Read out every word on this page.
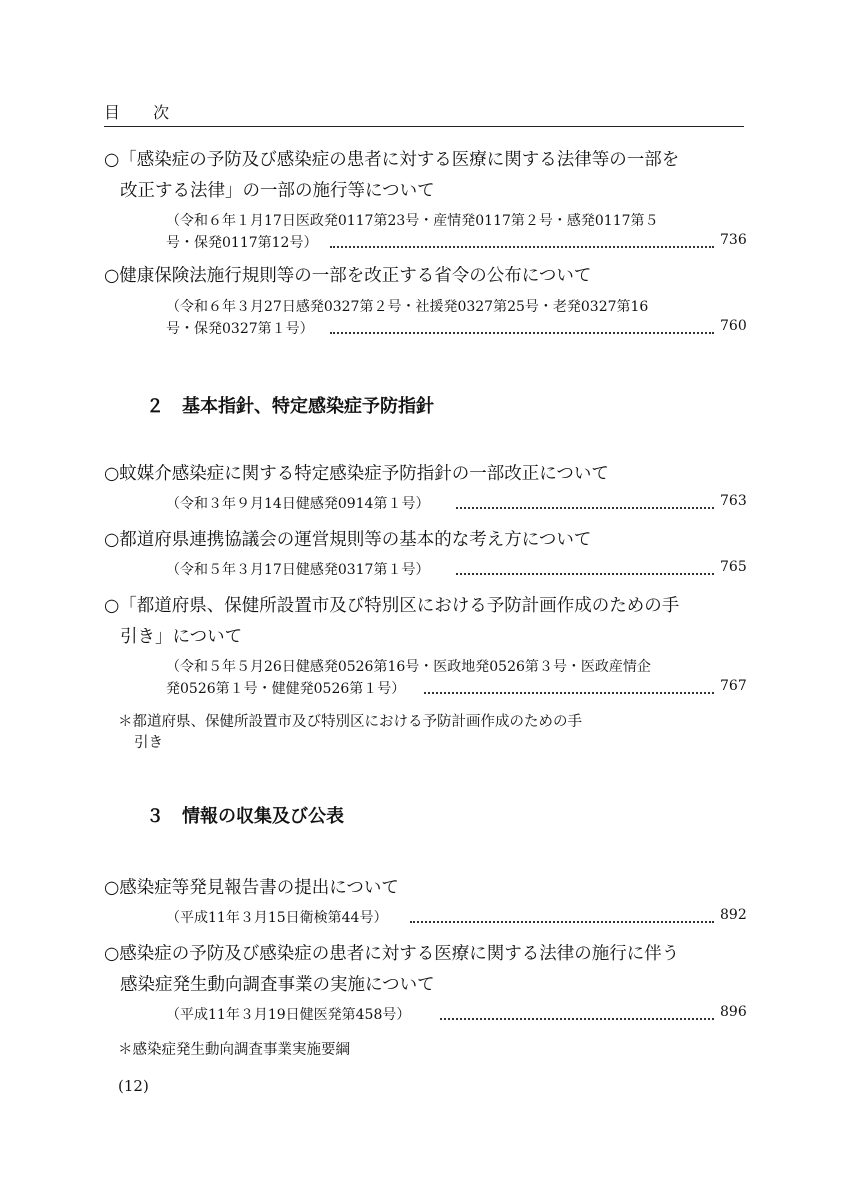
目 次
○「感染症の予防及び感染症の患者に対する医療に関する法律等の一部を
改正する法律」の一部の施行等について
（令和６年１月17日医政発0117第23号・産情発0117第２号・感発0117第５
号・保発0117第12号）	736
○健康保険法施行規則等の一部を改正する省令の公布について
（令和６年３月27日感発0327第２号・社援発0327第25号・老発0327第16
号・保発0327第１号）	760
２　基本指針、特定感染症予防指針
○蚊媒介感染症に関する特定感染症予防指針の一部改正について
（令和３年９月14日健感発0914第１号）	763
○都道府県連携協議会の運営規則等の基本的な考え方について
（令和５年３月17日健感発0317第１号）	765
○「都道府県、保健所設置市及び特別区における予防計画作成のための手
引き」について
（令和５年５月26日健感発0526第16号・医政地発0526第３号・医政産情企
発0526第１号・健健発0526第１号）	767
＊都道府県、保健所設置市及び特別区における予防計画作成のための手
引き
３　情報の収集及び公表
○感染症等発見報告書の提出について
（平成11年３月15日衛検第44号）	892
○感染症の予防及び感染症の患者に対する医療に関する法律の施行に伴う
感染症発生動向調査事業の実施について
（平成11年３月19日健医発第458号）	896
＊感染症発生動向調査事業実施要綱
(12)
